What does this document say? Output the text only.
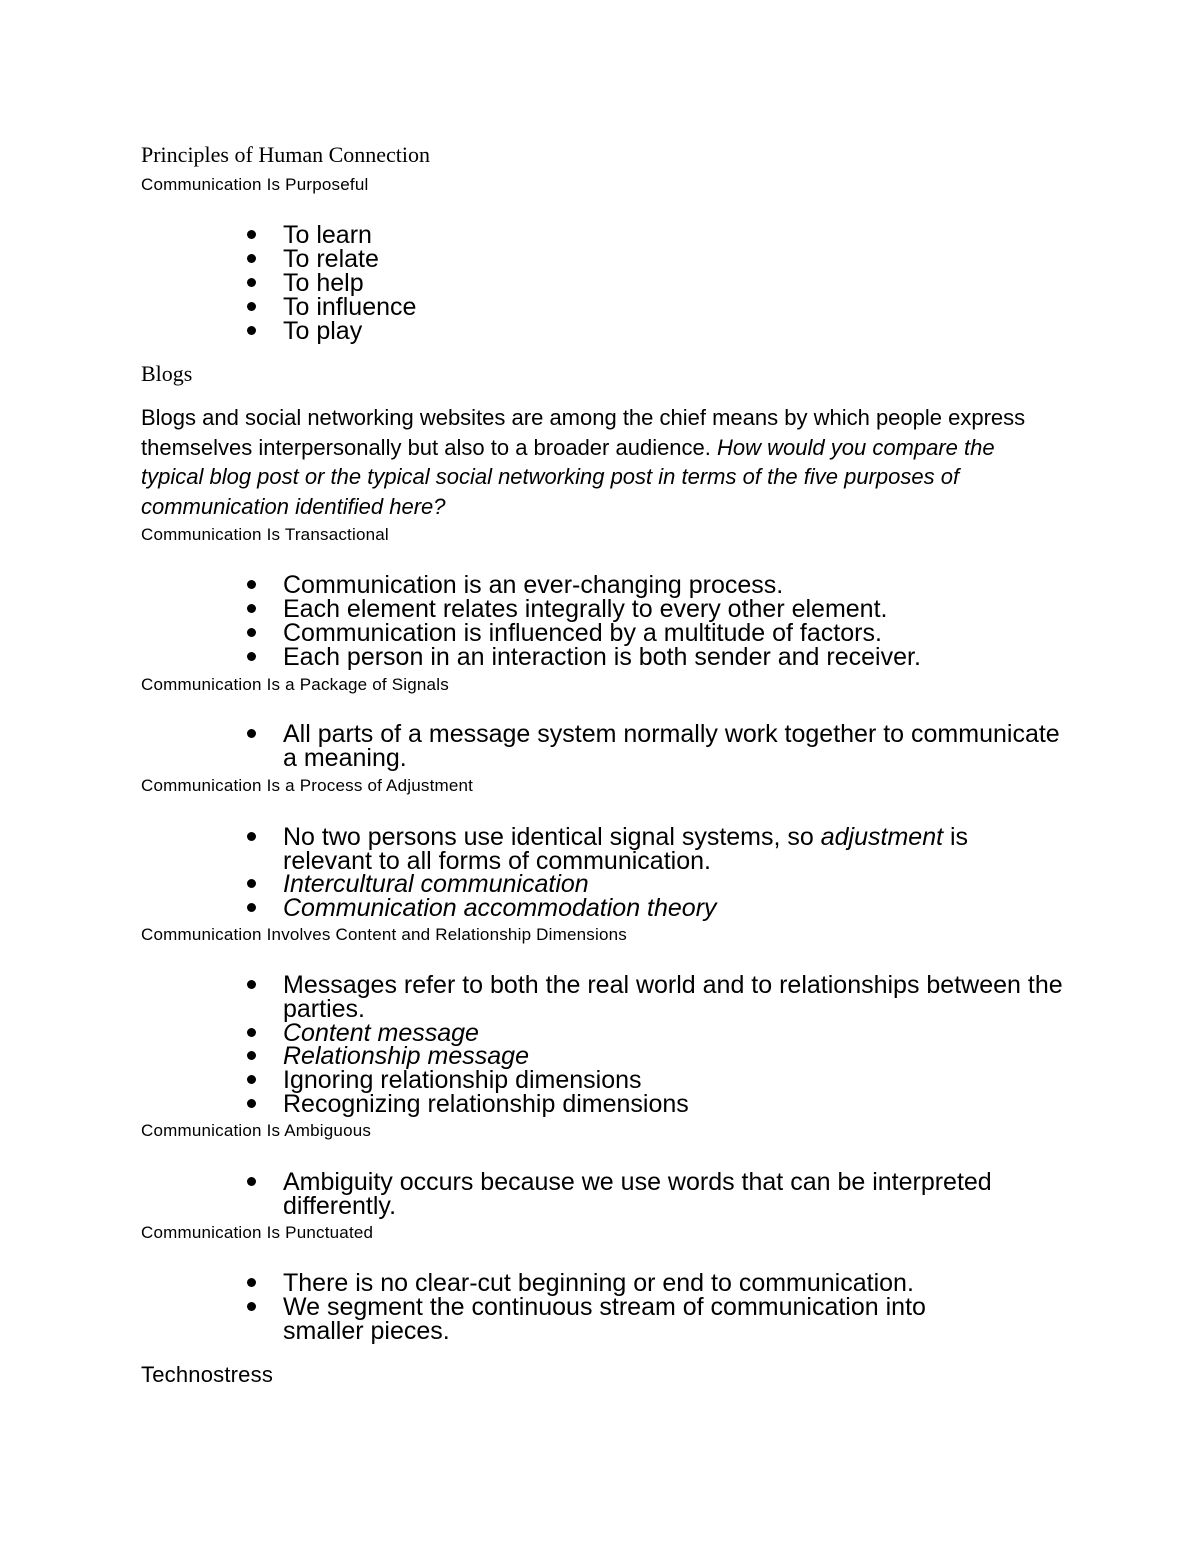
Principles of Human Connection
Communication Is Purposeful
To learn
To relate
To help
To influence
To play
Blogs

Blogs and social networking websites are among the chief means by which people express themselves interpersonally but also to a broader audience. How would you compare the typical blog post or the typical social networking post in terms of the five purposes of communication identified here?

Communication Is Transactional
Communication is an ever-changing process.
Each element relates integrally to every other element.
Communication is influenced by a multitude of factors.
Each person in an interaction is both sender and receiver.
Communication Is a Package of Signals
All parts of a message system normally work together to communicate a meaning.
Communication Is a Process of Adjustment
No two persons use identical signal systems, so adjustment is relevant to all forms of communication.
Intercultural communication
Communication accommodation theory
Communication Involves Content and Relationship Dimensions
Messages refer to both the real world and to relationships between the parties.
Content message
Relationship message
Ignoring relationship dimensions
Recognizing relationship dimensions
Communication Is Ambiguous
Ambiguity occurs because we use words that can be interpreted differently.
Communication Is Punctuated
There is no clear-cut beginning or end to communication.
We segment the continuous stream of communication into smaller pieces.
Technostress
